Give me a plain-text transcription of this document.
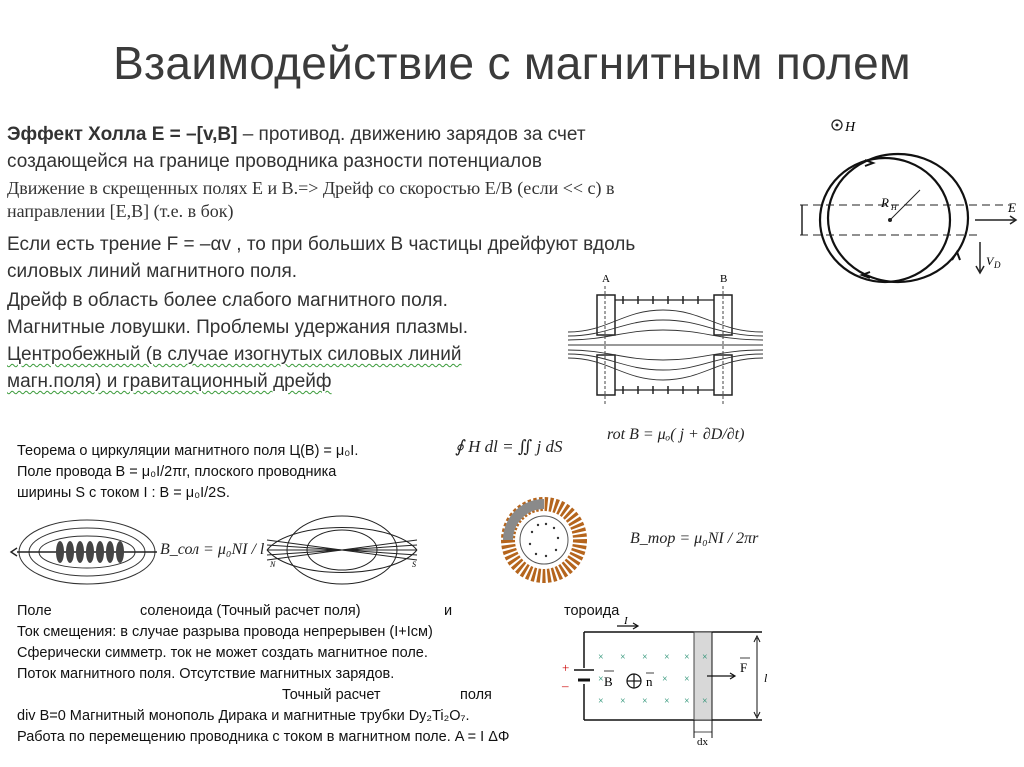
Взаимодействие с магнитным полем
Эффект Холла E = –[v,B] – противод. движению зарядов за счет
создающейся на границе проводника разности потенциалов
Движение в скрещенных полях E и B.=> Дрейф со скоростью E/B (если << c) в
направлении [E,B] (т.е. в бок)
Если есть трение F = –αv , то при больших B частицы дрейфуют вдоль
силовых линий магнитного поля.
Дрейф в область более слабого магнитного поля.
Магнитные ловушки. Проблемы удержания плазмы.
Центробежный (в случае изогнутых силовых линий
магн.поля) и гравитационный дрейф
Теорема о циркуляции магнитного поля Ц(B) = μ₀I.
Поле провода B = μ₀I/2πr, плоского проводника
ширины S с током I : B = μ₀I/2S.
∮ H dl = ∬ j dS
rot B = μₒ( j + ∂D/∂t)
B_сол = μ₀NI / l
B_тор = μ₀NI / 2πr
Поле	соленоида (Точный расчет поля)	и	тороида
Ток смещения: в случае разрыва провода непрерывен (I+Iсм)
Сферически симметр. ток не может создать магнитное поле.
Поток магнитного поля. Отсутствие магнитных зарядов.
Точный расчет	поля
div B=0 Магнитный монополь Дирака и магнитные трубки Dy₂Ti₂O₇.
Работа по перемещению проводника с током в магнитном поле. A = I ΔΦ
H
E
V D
R H
A	B
N	S
+
–
dx
I
F
l
× × × × × ×
×	× ×
× × × × × ×
B	n
